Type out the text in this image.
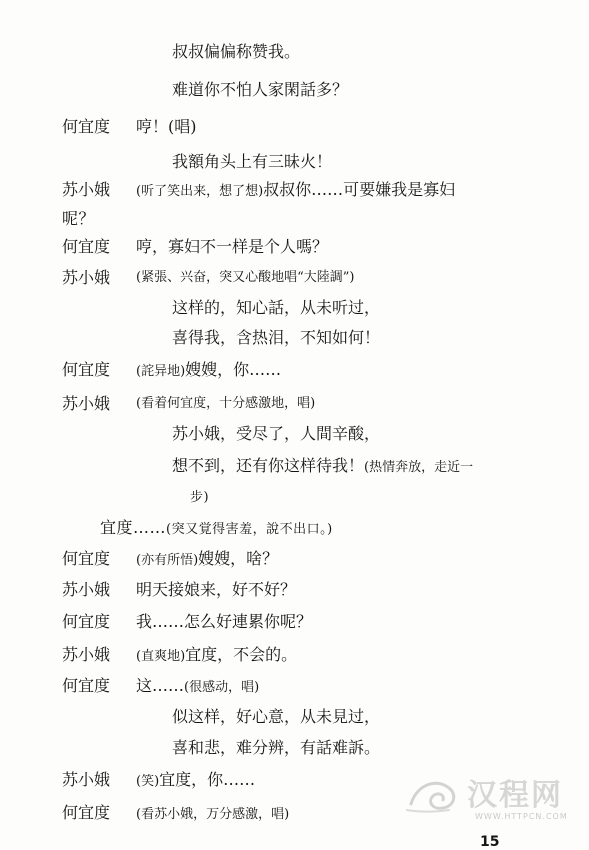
叔叔偏偏称赞我。
难道你不怕人家閑話多？
何宜度 哼！(唱)
我額角头上有三昧火！
苏小娥 (听了笑出来，想了想)叔叔你……可要嫌我是寡妇
呢？
何宜度 哼，寡妇不一样是个人嗎？
苏小娥 (紧張、兴奋，突又心酸地唱“大陸調”)
这样的，知心話，从未听过，
喜得我，含热泪，不知如何！
何宜度 (詫异地)嫂嫂，你……
苏小娥 (看着何宜度，十分感激地，唱)
苏小娥，受尽了，人間辛酸，
想不到，还有你这样待我！(热情奔放，走近一
步)
宜度……(突又覚得害羞，說不出口。)
何宜度 (亦有所悟)嫂嫂，啥？
苏小娥 明天接娘来，好不好？
何宜度 我……怎么好連累你呢？
苏小娥 (直爽地)宜度，不会的。
何宜度 这……(很感动，唱)
似这样，好心意，从未見过，
喜和悲，难分辨，有話难訴。
苏小娥 (笑)宜度，你……
何宜度 (看苏小娥，万分感激，唱)
汉程网
WWW.HTTPCN.COM
15
